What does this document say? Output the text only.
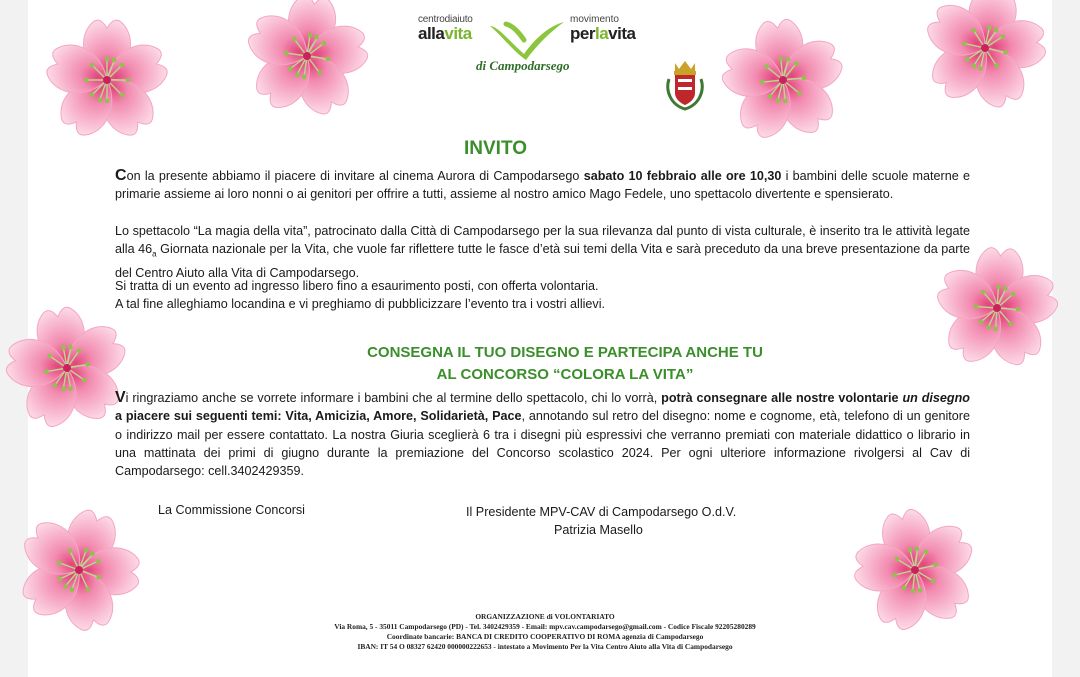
centrodiaiuto
allavita
movimento
perlavita
di Campodarsego
INVITO

Con la presente abbiamo il piacere di invitare al cinema Aurora di Campodarsego sabato 10 febbraio alle ore 10,30 i bambini delle scuole materne e primarie assieme ai loro nonni o ai genitori per offrire a tutti, assieme al nostro amico Mago Fedele, uno spettacolo divertente e spensierato.

Lo spettacolo “La magia della vita”, patrocinato dalla Città di Campodarsego per la sua rilevanza dal punto di vista culturale, è inserito tra le attività legate alla $46_a$ Giornata nazionale per la Vita, che vuole far riflettere tutte le fasce d’età sui temi della Vita e sarà preceduto da una breve presentazione da parte del Centro Aiuto alla Vita di Campodarsego.

Si tratta di un evento ad ingresso libero fino a esaurimento posti, con offerta volontaria.

A tal fine alleghiamo locandina e vi preghiamo di pubblicizzare l’evento tra i vostri allievi.

CONSEGNA IL TUO DISEGNO E PARTECIPA ANCHE TU
AL CONCORSO “COLORA LA VITA”

Vi ringraziamo anche se vorrete informare i bambini che al termine dello spettacolo, chi lo vorrà, potrà consegnare alle nostre volontarie un disegno a piacere sui seguenti temi: Vita, Amicizia, Amore, Solidarietà, Pace, annotando sul retro del disegno: nome e cognome, età, telefono di un genitore o indirizzo mail per essere contattato. La nostra Giuria sceglierà 6 tra i disegni più espressivi che verranno premiati con materiale didattico o librario in una mattinata dei primi di giugno durante la premiazione del Concorso scolastico 2024. Per ogni ulteriore informazione rivolgersi al Cav di Campodarsego: cell.3402429359.

La Commissione Concorsi	Il Presidente MPV-CAV di Campodarsego O.d.V.
Patrizia Masello
ORGANIZZAZIONE di VOLONTARIATO
Via Roma, 5 - 35011 Campodarsego (PD) - Tel. 3402429359 - Email: mpv.cav.campodarsego@gmail.com - Codice Fiscale 92205280289
Coordinate bancarie: BANCA DI CREDITO COOPERATIVO DI ROMA agenzia di Campodarsego
IBAN: IT 54 O 08327 62420 000000222653 - intestato a Movimento Per la Vita Centro Aiuto alla Vita di Campodarsego
